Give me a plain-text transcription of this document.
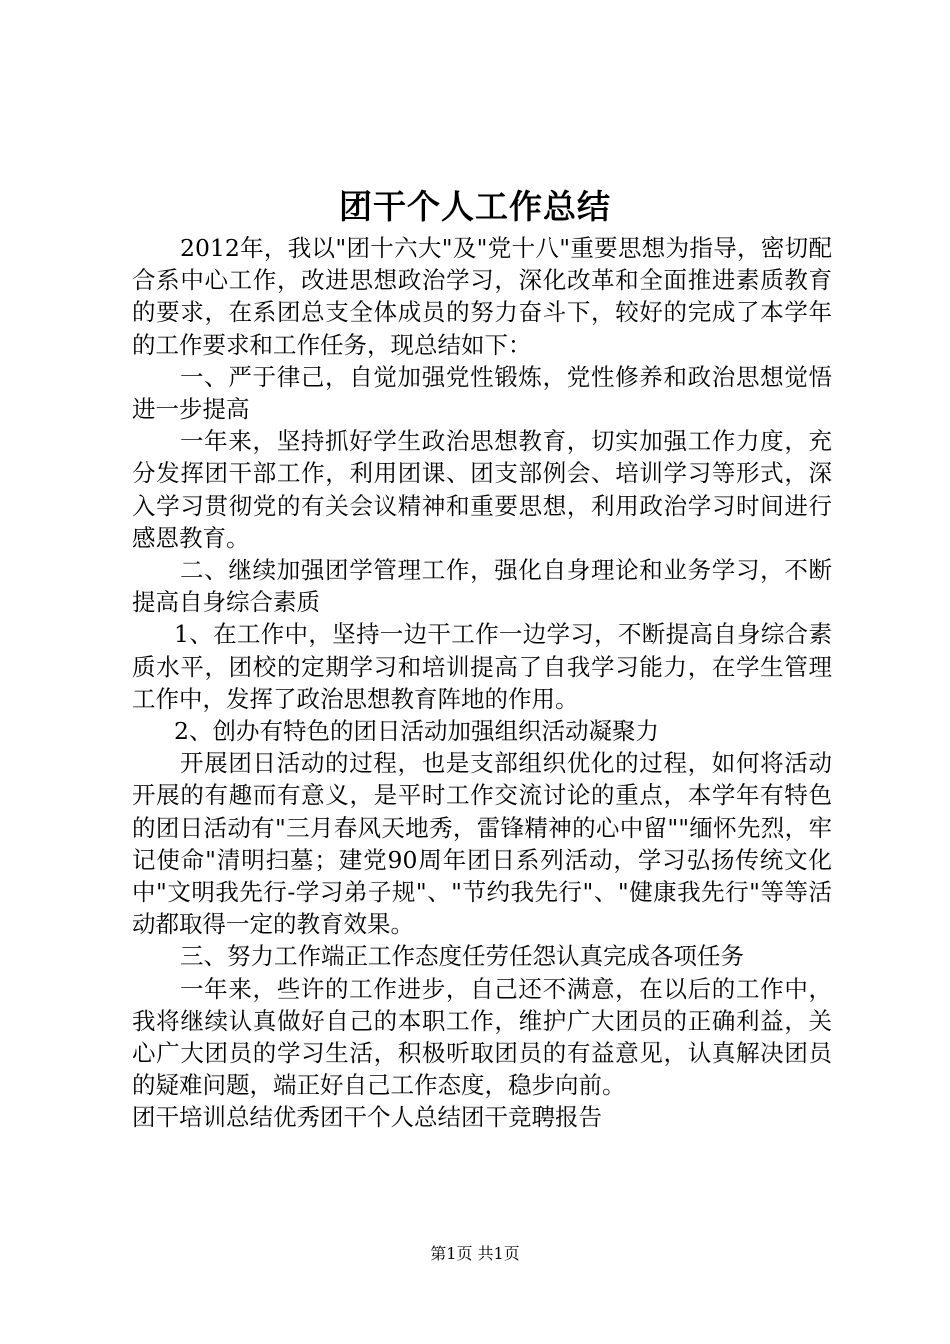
团干个人工作总结

2012年，我以"团十六大"及"党十八"重要思想为指导，密切配合系中心工作，改进思想政治学习，深化改革和全面推进素质教育的要求，在系团总支全体成员的努力奋斗下，较好的完成了本学年的工作要求和工作任务，现总结如下：

一、严于律己，自觉加强党性锻炼，党性修养和政治思想觉悟进一步提高

一年来，坚持抓好学生政治思想教育，切实加强工作力度，充分发挥团干部工作，利用团课、团支部例会、培训学习等形式，深入学习贯彻党的有关会议精神和重要思想，利用政治学习时间进行感恩教育。

二、继续加强团学管理工作，强化自身理论和业务学习，不断提高自身综合素质

1、在工作中，坚持一边干工作一边学习，不断提高自身综合素质水平，团校的定期学习和培训提高了自我学习能力，在学生管理工作中，发挥了政治思想教育阵地的作用。

2、创办有特色的团日活动加强组织活动凝聚力

开展团日活动的过程，也是支部组织优化的过程，如何将活动开展的有趣而有意义，是平时工作交流讨论的重点，本学年有特色的团日活动有"三月春风天地秀，雷锋精神的心中留""缅怀先烈，牢记使命"清明扫墓；建党90周年团日系列活动，学习弘扬传统文化中"文明我先行-学习弟子规"、"节约我先行"、"健康我先行"等等活动都取得一定的教育效果。

三、努力工作端正工作态度任劳任怨认真完成各项任务

一年来，些许的工作进步，自己还不满意，在以后的工作中，我将继续认真做好自己的本职工作，维护广大团员的正确利益，关心广大团员的学习生活，积极听取团员的有益意见，认真解决团员的疑难问题，端正好自己工作态度，稳步向前。

团干培训总结优秀团干个人总结团干竞聘报告

第1页 共1页
